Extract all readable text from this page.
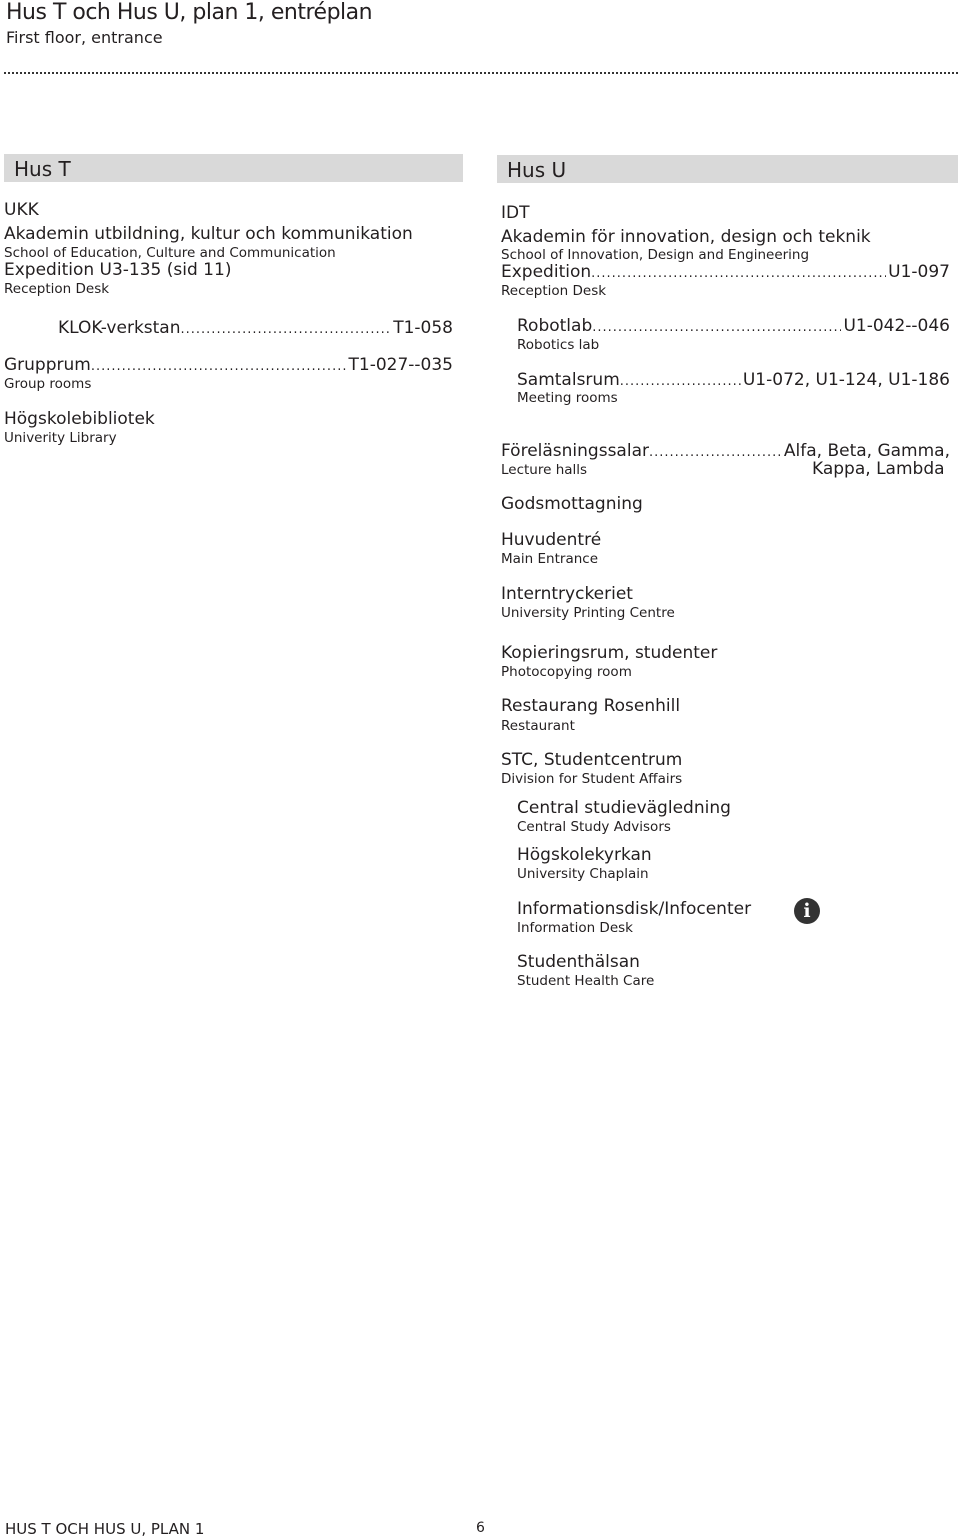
Hus T och Hus U, plan 1, entréplan
First floor, entrance
Hus T
UKK
Akademin utbildning, kultur och kommunikation
School of Education, Culture and Communication
Expedition U3-135 (sid 11)
Reception Desk
KLOK-verkstan .....	T1-058
Grupprum .....	T1-027--035
Group rooms
Högskolebibliotek
Univerity Library
Hus U
IDT
Akademin för innovation, design och teknik
School of Innovation, Design and Engineering
Expedition .....	U1-097
Reception Desk
Robotlab .....	U1-042--046
Robotics lab
Samtalsrum .....	U1-072, U1-124, U1-186
Meeting rooms
Föreläsningssalar .....	Alfa, Beta, Gamma,
Lecture halls	Kappa, Lambda
Godsmottagning
Huvudentré
Main Entrance
Interntryckeriet
University Printing Centre
Kopieringsrum, studenter
Photocopying room
Restaurang Rosenhill
Restaurant
STC, Studentcentrum
Division for Student Affairs
Central studievägledning
Central Study Advisors
Högskolekyrkan
University Chaplain
Informationsdisk/Infocenter
Information Desk
i
Studenthälsan
Student Health Care
HUS T OCH HUS U, PLAN 1	6
